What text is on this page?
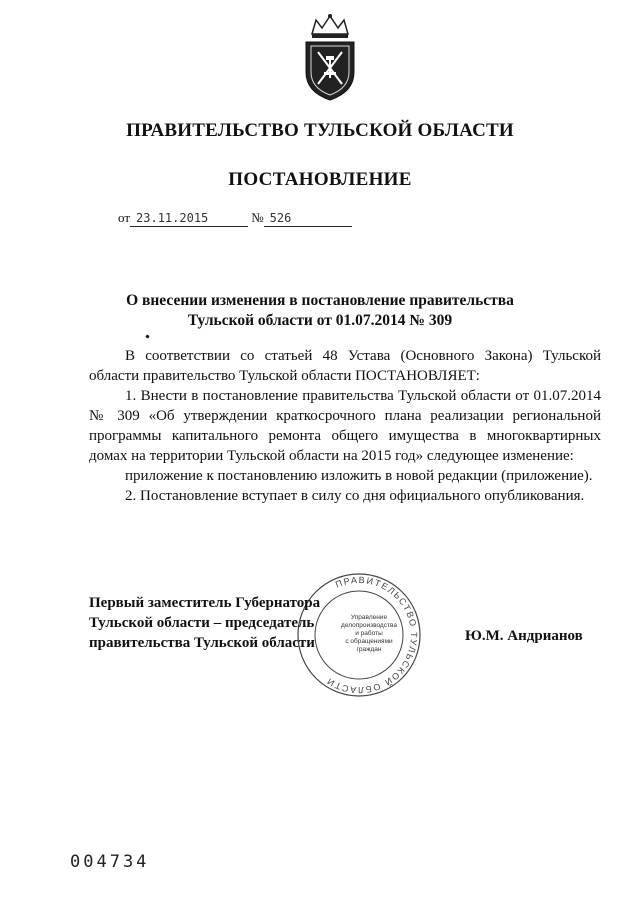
ПРАВИТЕЛЬСТВО ТУЛЬСКОЙ ОБЛАСТИ
ПОСТАНОВЛЕНИЕ
от 23.11.2015	№ 526
О внесении изменения в постановление правительства
Тульской области от 01.07.2014 № 309

В соответствии со статьей 48 Устава (Основного Закона) Тульской области правительство Тульской области ПОСТАНОВЛЯЕТ:

1. Внести в постановление правительства Тульской области от 01.07.2014 № 309 «Об утверждении краткосрочного плана реализации региональной программы капитального ремонта общего имущества в многоквартирных домах на территории Тульской области на 2015 год» следующее изменение:

приложение к постановлению изложить в новой редакции (приложение).

2. Постановление вступает в силу со дня официального опубликования.

ПРАВИТЕЛЬСТВО ТУЛЬСКОЙ ОБЛАСТИ
Управление
делопроизводства
и работы
с обращениями
граждан
Первый заместитель Губернатора
Тульской области – председатель
правительства Тульской области	Ю.М. Андрианов
004734
